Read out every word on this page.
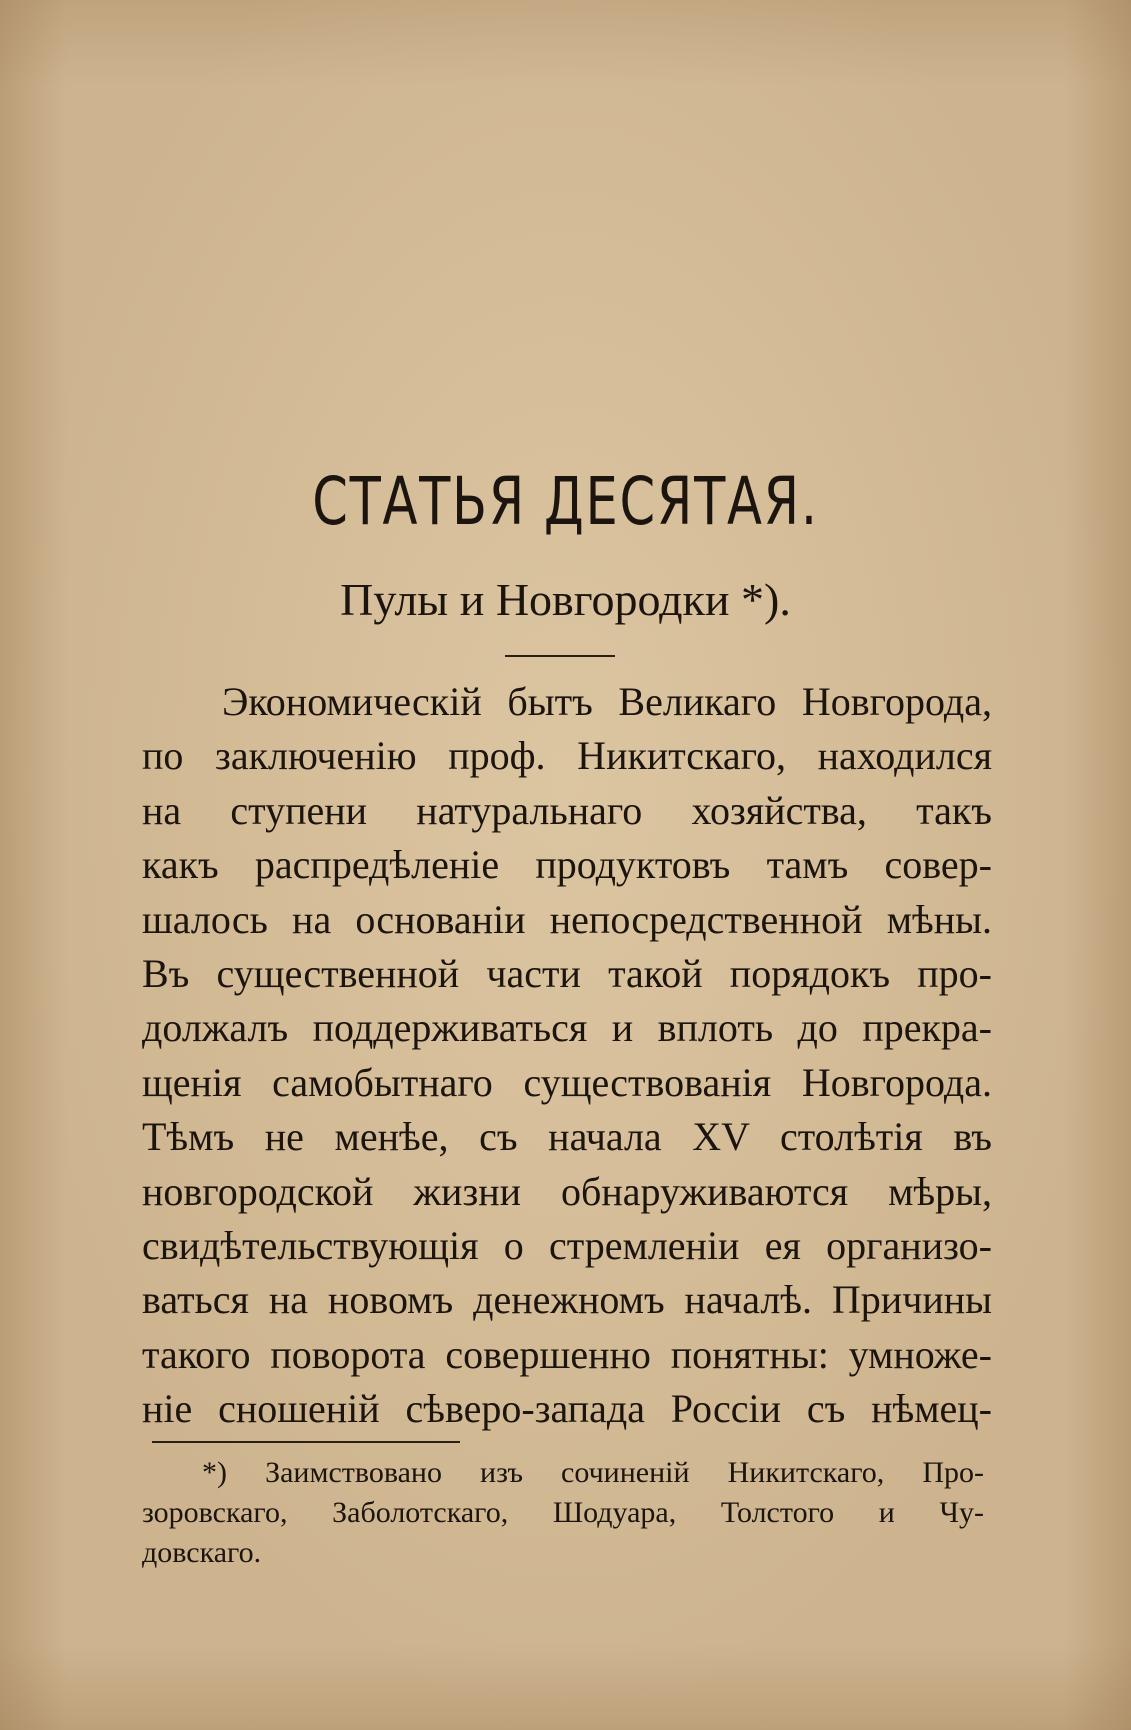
СТАТЬЯ ДЕСЯТАЯ.
Пулы и Новгородки *).
Экономическій бытъ Великаго Новгорода,
по заключенію проф. Никитскаго, находился
на ступени натуральнаго хозяйства, такъ
какъ распредѣленіе продуктовъ тамъ совер-
шалось на основаніи непосредственной мѣны.
Въ существенной части такой порядокъ про-
должалъ поддерживаться и вплоть до прекра-
щенія самобытнаго существованія Новгорода.
Тѣмъ не менѣе, съ начала XV столѣтія въ
новгородской жизни обнаруживаются мѣры,
свидѣтельствующія о стремленіи ея организо-
ваться на новомъ денежномъ началѣ. Причины
такого поворота совершенно понятны: умноже-
ніе сношеній сѣверо-запада Россіи съ нѣмец-
*) Заимствовано изъ сочиненій Никитскаго, Про-
зоровскаго, Заболотскаго, Шодуара, Толстого и Чу-
довскаго.
